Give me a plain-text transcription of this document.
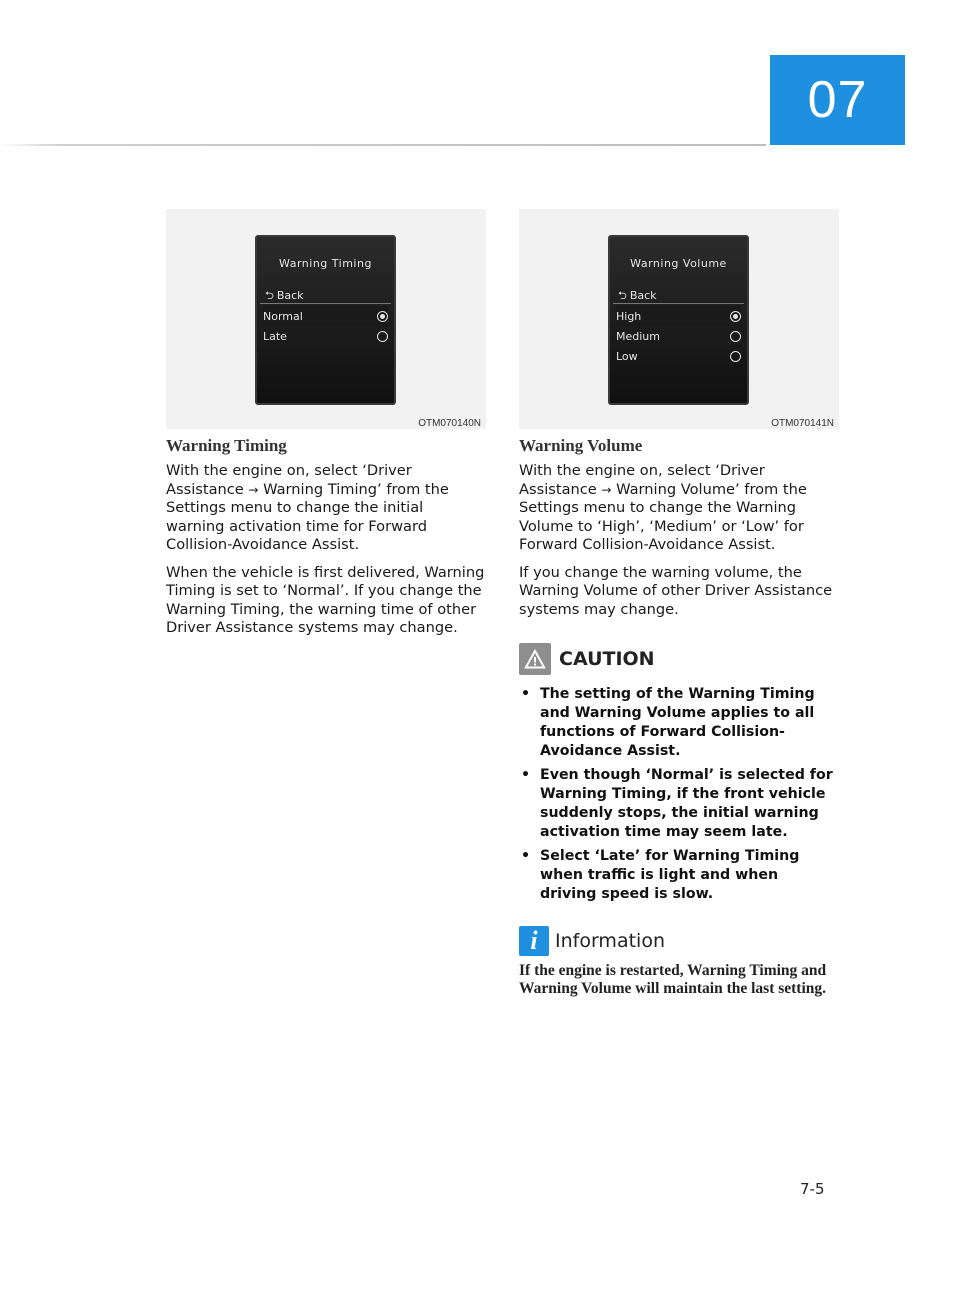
07
Warning Timing
⮌ Back
Normal
Late
OTM070140N
Warning Volume
⮌ Back
High
Medium
Low
OTM070141N
Warning Timing

With the engine on, select ‘Driver Assistance → Warning Timing’ from the Settings menu to change the initial warning activation time for Forward Collision-Avoidance Assist.

When the vehicle is first delivered, Warning Timing is set to ‘Normal’. If you change the Warning Timing, the warning time of other Driver Assistance systems may change.

Warning Volume

With the engine on, select ‘Driver Assistance → Warning Volume’ from the Settings menu to change the Warning Volume to ‘High’, ‘Medium’ or ‘Low’ for Forward Collision-Avoidance Assist.

If you change the warning volume, the Warning Volume of other Driver Assistance systems may change.

CAUTION
• The setting of the Warning Timing and Warning Volume applies to all functions of Forward Collision-Avoidance Assist.
• Even though ‘Normal’ is selected for Warning Timing, if the front vehicle suddenly stops, the initial warning activation time may seem late.
• Select ‘Late’ for Warning Timing when traffic is light and when driving speed is slow.
i Information

If the engine is restarted, Warning Timing and Warning Volume will maintain the last setting.

7-5
